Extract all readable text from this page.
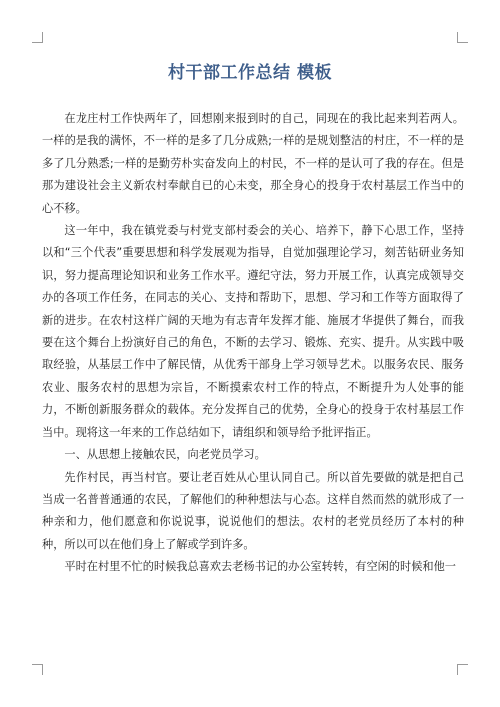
村干部工作总结 模板

在龙庄村工作快两年了，回想刚来报到时的自己，同现在的我比起来判若两人。一样的是我的满怀，不一样的是多了几分成熟;一样的是规划整洁的村庄，不一样的是多了几分熟悉;一样的是勤劳朴实奋发向上的村民，不一样的是认可了我的存在。但是那为建设社会主义新农村奉献自已的心未变，那全身心的投身于农村基层工作当中的心不移。

这一年中，我在镇党委与村党支部村委会的关心、培养下，静下心思工作，坚持以和“三个代表”重要思想和科学发展观为指导，自觉加强理论学习，刻苦钻研业务知识，努力提高理论知识和业务工作水平。遵纪守法，努力开展工作，认真完成领导交办的各项工作任务，在同志的关心、支持和帮助下，思想、学习和工作等方面取得了新的进步。在农村这样广阔的天地为有志青年发挥才能、施展才华提供了舞台，而我要在这个舞台上扮演好自己的角色，不断的去学习、锻炼、充实、提升。从实践中吸取经验，从基层工作中了解民情，从优秀干部身上学习领导艺术。以服务农民、服务农业、服务农村的思想为宗旨，不断摸索农村工作的特点，不断提升为人处事的能力，不断创新服务群众的载体。充分发挥自己的优势，全身心的投身于农村基层工作当中。现将这一年来的工作总结如下，请组织和领导给予批评指正。

一、从思想上接触农民，向老党员学习。

先作村民，再当村官。要让老百姓从心里认同自己。所以首先要做的就是把自己当成一名普普通通的农民，了解他们的种种想法与心态。这样自然而然的就形成了一种亲和力，他们愿意和你说说事，说说他们的想法。农村的老党员经历了本村的种种，所以可以在他们身上了解或学到许多。

平时在村里不忙的时候我总喜欢去老杨书记的办公室转转，有空闲的时候和他一
